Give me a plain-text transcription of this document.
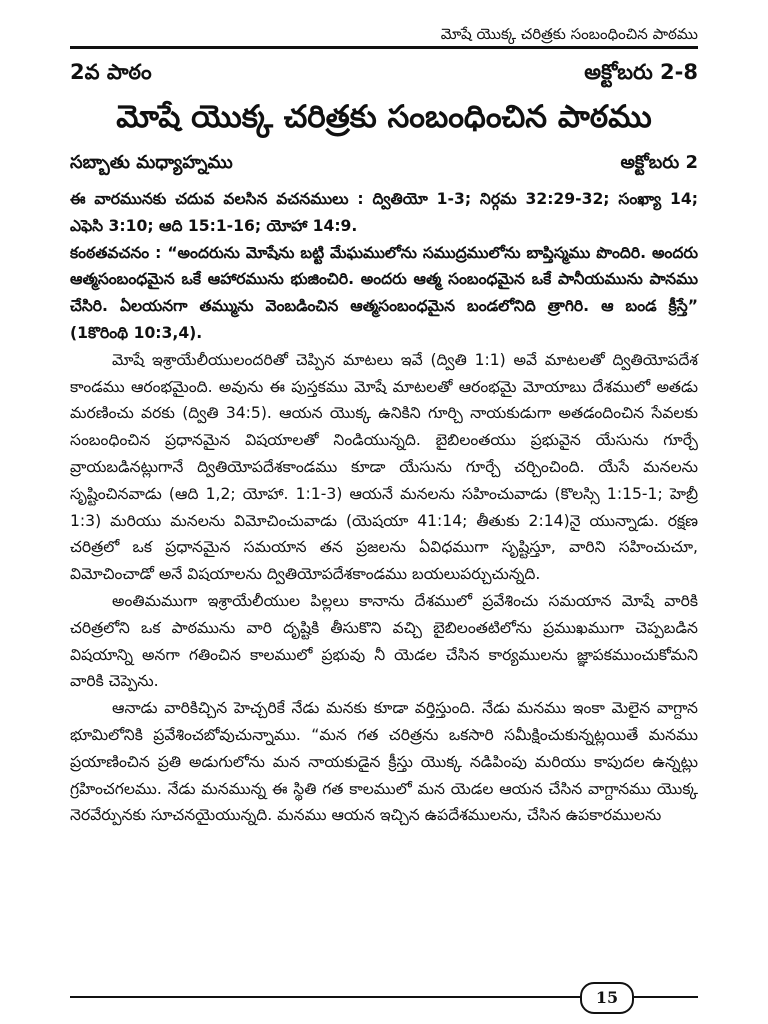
మోషే యొక్క చరిత్రకు సంబంధించిన పాఠము
2వ పాఠం	అక్టోబరు 2-8
మోషే యొక్క చరిత్రకు సంబంధించిన పాఠము
సబ్బాతు మధ్యాహ్నము	అక్టోబరు 2

ఈ వారమునకు చదువ వలసిన వచనములు : ద్వితియో 1-3; నిర్గమ 32:29-32; సంఖ్యా 14; ఎఫెసి 3:10; ఆది 15:1-16; యోహా 14:9.

కంఠతవచనం : “అందరును మోషేను బట్టి మేఘములోను సముద్రములోను బాప్తిస్మము పొందిరి. అందరు ఆత్మసంబంధమైన ఒకే ఆహారమును భుజించిరి. అందరు ఆత్మ సంబంధమైన ఒకే పానీయమును పానము చేసిరి. ఏలయనగా తమ్మును వెంబడించిన ఆత్మసంబంధమైన బండలోనిది త్రాగిరి. ఆ బండ క్రీస్తే” (1కొరింథి 10:3,4).

మోషే ఇశ్రాయేలీయులందరితో చెప్పిన మాటలు ఇవే (ద్వితి 1:1) అవే మాటలతో ద్వితియోపదేశ కాండము ఆరంభమైంది. అవును ఈ పుస్తకము మోషే మాటలతో ఆరంభమై మోయాబు దేశములో అతడు మరణించు వరకు (ద్వితి 34:5). ఆయన యొక్క ఉనికిని గూర్చి నాయకుడుగా అతడందించిన సేవలకు సంబంధించిన ప్రధానమైన విషయాలతో నిండియున్నది. బైబిలంతయు ప్రభువైన యేసును గూర్చే వ్రాయబడినట్లుగానే ద్వితియోపదేశకాండము కూడా యేసును గూర్చే చర్చించింది. యేసే మనలను సృష్టించినవాడు (ఆది 1,2; యోహా. 1:1-3) ఆయనే మనలను సహించువాడు (కొలస్సి 1:15-1; హెబ్రీ 1:3) మరియు మనలను విమోచించువాడు (యెషయా 41:14; తీతుకు 2:14)నై యున్నాడు. రక్షణ చరిత్రలో ఒక ప్రధానమైన సమయాన తన ప్రజలను ఏవిధముగా సృష్టిస్తూ, వారిని సహించుచూ, విమోచించాడో అనే విషయాలను ద్వితియోపదేశకాండము బయలుపర్చుచున్నది.

అంతిమముగా ఇశ్రాయేలీయుల పిల్లలు కానాను దేశములో ప్రవేశించు సమయాన మోషే వారికి చరిత్రలోని ఒక పాఠమును వారి దృష్టికి తీసుకొని వచ్చి బైబిలంతటిలోను ప్రముఖముగా చెప్పబడిన విషయాన్ని అనగా గతించిన కాలములో ప్రభువు నీ యెడల చేసిన కార్యములను జ్ఞాపకముంచుకోమని వారికి చెప్పెను.

ఆనాడు వారికిచ్చిన హెచ్చరికే నేడు మనకు కూడా వర్తిస్తుంది. నేడు మనము ఇంకా మెలైన వాగ్దాన భూమిలోనికి ప్రవేశించబోవుచున్నాము. “మన గత చరిత్రను ఒకసారి సమీక్షించుకున్నట్లయితే మనము ప్రయాణించిన ప్రతి అడుగులోను మన నాయకుడైన క్రీస్తు యొక్క నడిపింపు మరియు కాపుదల ఉన్నట్లు గ్రహించగలము. నేడు మనమున్న ఈ స్థితి గత కాలములో మన యెడల ఆయన చేసిన వాగ్దానము యొక్క నెరవేర్పునకు సూచనయైయున్నది. మనము ఆయన ఇచ్చిన ఉపదేశములను, చేసిన ఉపకారములను

15
